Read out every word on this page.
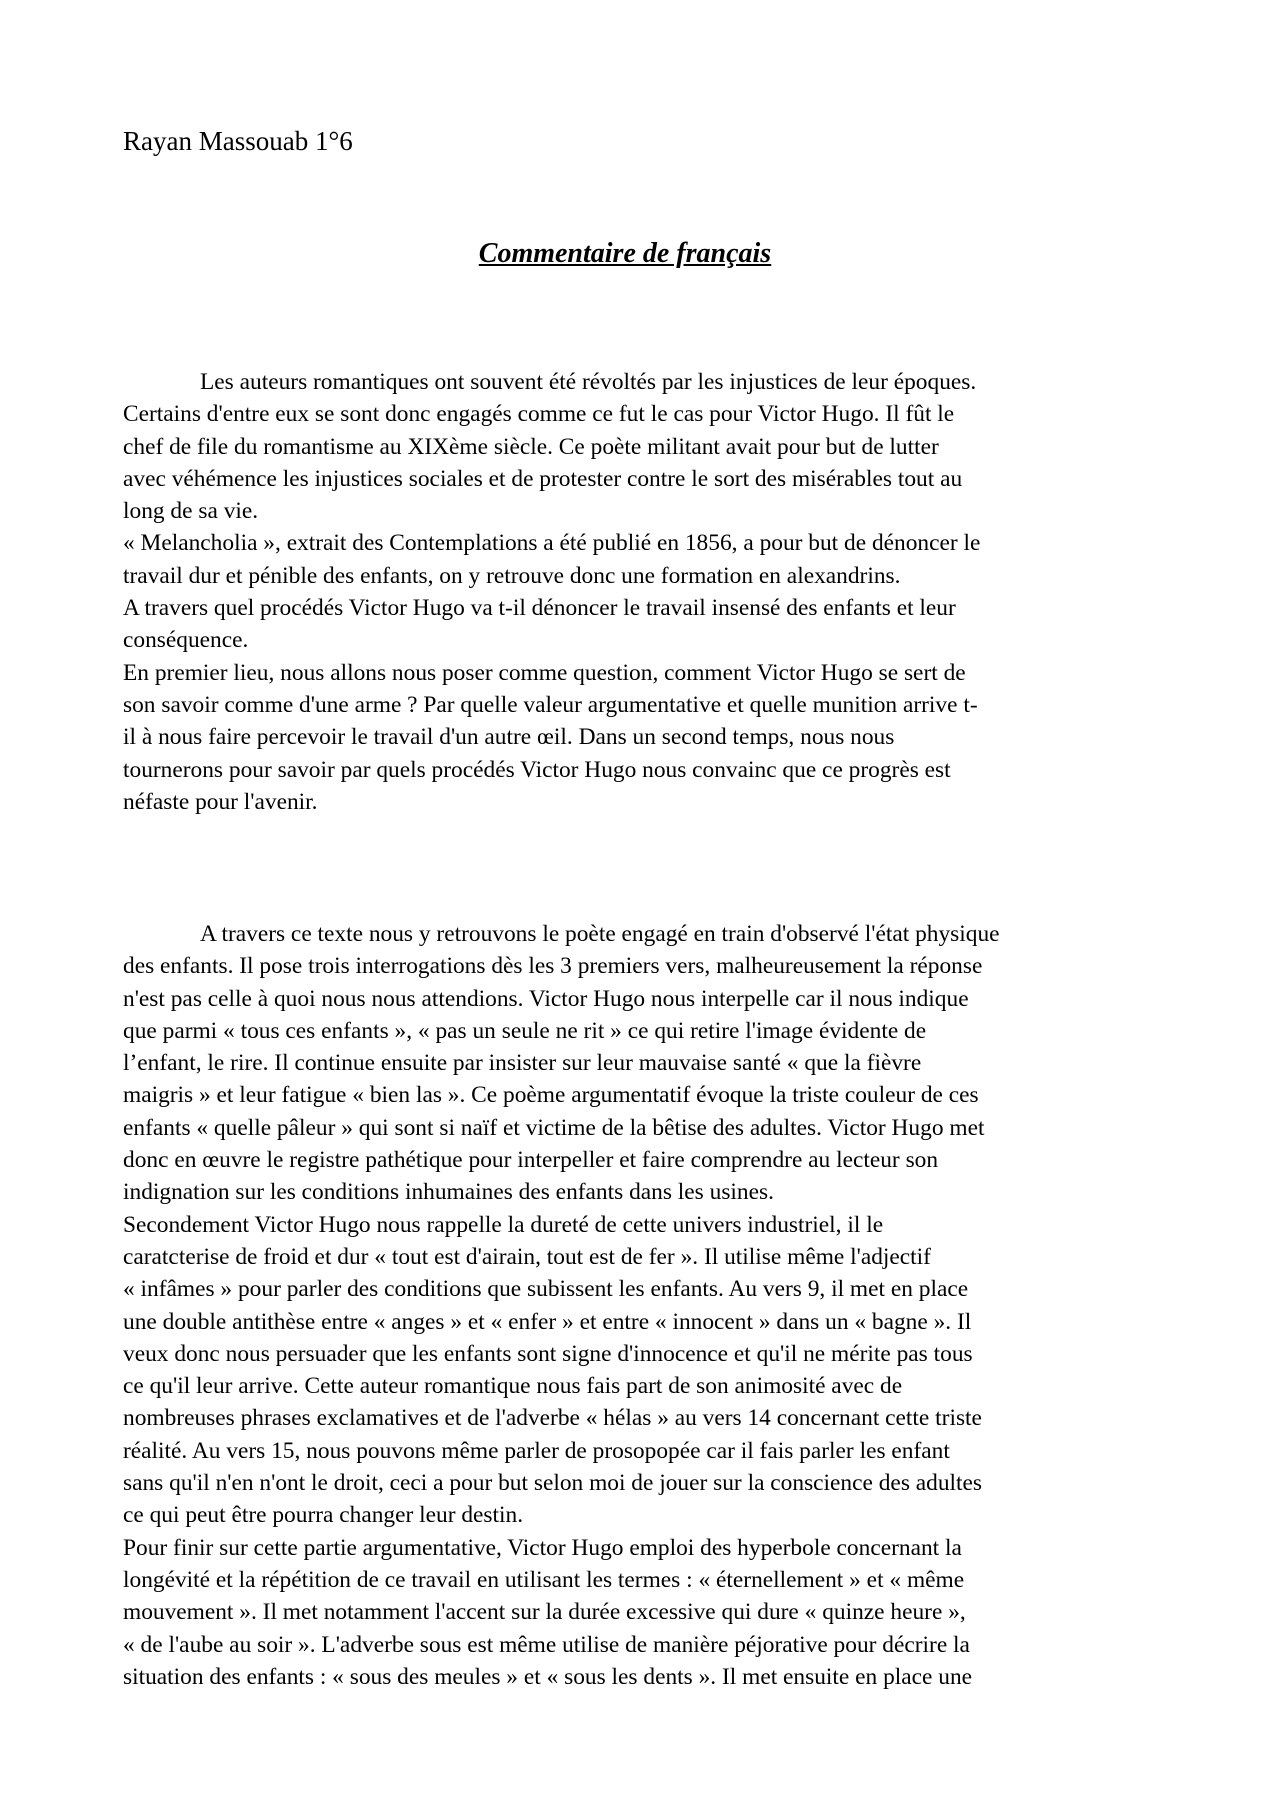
Rayan Massouab 1°6
Commentaire de français
Les auteurs romantiques ont souvent été révoltés par les injustices de leur époques.
Certains d'entre eux se sont donc engagés comme ce fut le cas pour Victor Hugo. Il fût le
chef de file du romantisme au XIXème siècle. Ce poète militant avait pour but de lutter
avec véhémence les injustices sociales et de protester contre le sort des misérables tout au
long de sa vie.
« Melancholia », extrait des Contemplations a été publié en 1856, a pour but de dénoncer le
travail dur et pénible des enfants, on y retrouve donc une formation en alexandrins.
A travers quel procédés Victor Hugo va t-il dénoncer le travail insensé des enfants et leur
conséquence.
En premier lieu, nous allons nous poser comme question, comment Victor Hugo se sert de
son savoir comme d'une arme ? Par quelle valeur argumentative et quelle munition arrive t-
il à nous faire percevoir le travail d'un autre œil. Dans un second temps, nous nous
tournerons pour savoir par quels procédés Victor Hugo nous convainc que ce progrès est
néfaste pour l'avenir.
A travers ce texte nous y retrouvons le poète engagé en train d'observé l'état physique
des enfants. Il pose trois interrogations dès les 3 premiers vers, malheureusement la réponse
n'est pas celle à quoi nous nous attendions. Victor Hugo nous interpelle car il nous indique
que parmi « tous ces enfants », « pas un seule ne rit » ce qui retire l'image évidente de
l’enfant, le rire. Il continue ensuite par insister sur leur mauvaise santé « que la fièvre
maigris » et leur fatigue « bien las ». Ce poème argumentatif évoque la triste couleur de ces
enfants « quelle pâleur » qui sont si naïf et victime de la bêtise des adultes. Victor Hugo met
donc en œuvre le registre pathétique pour interpeller et faire comprendre au lecteur son
indignation sur les conditions inhumaines des enfants dans les usines.
Secondement Victor Hugo nous rappelle la dureté de cette univers industriel, il le
caratcterise de froid et dur « tout est d'airain, tout est de fer ». Il utilise même l'adjectif
« infâmes » pour parler des conditions que subissent les enfants. Au vers 9, il met en place
une double antithèse entre « anges » et « enfer » et entre « innocent » dans un « bagne ». Il
veux donc nous persuader que les enfants sont signe d'innocence et qu'il ne mérite pas tous
ce qu'il leur arrive. Cette auteur romantique nous fais part de son animosité avec de
nombreuses phrases exclamatives et de l'adverbe « hélas » au vers 14 concernant cette triste
réalité. Au vers 15, nous pouvons même parler de prosopopée car il fais parler les enfant
sans qu'il n'en n'ont le droit, ceci a pour but selon moi de jouer sur la conscience des adultes
ce qui peut être pourra changer leur destin.
Pour finir sur cette partie argumentative, Victor Hugo emploi des hyperbole concernant la
longévité et la répétition de ce travail en utilisant les termes : « éternellement » et « même
mouvement ». Il met notamment l'accent sur la durée excessive qui dure « quinze heure »,
« de l'aube au soir ». L'adverbe sous est même utilise de manière péjorative pour décrire la
situation des enfants : « sous des meules » et « sous les dents ». Il met ensuite en place une
